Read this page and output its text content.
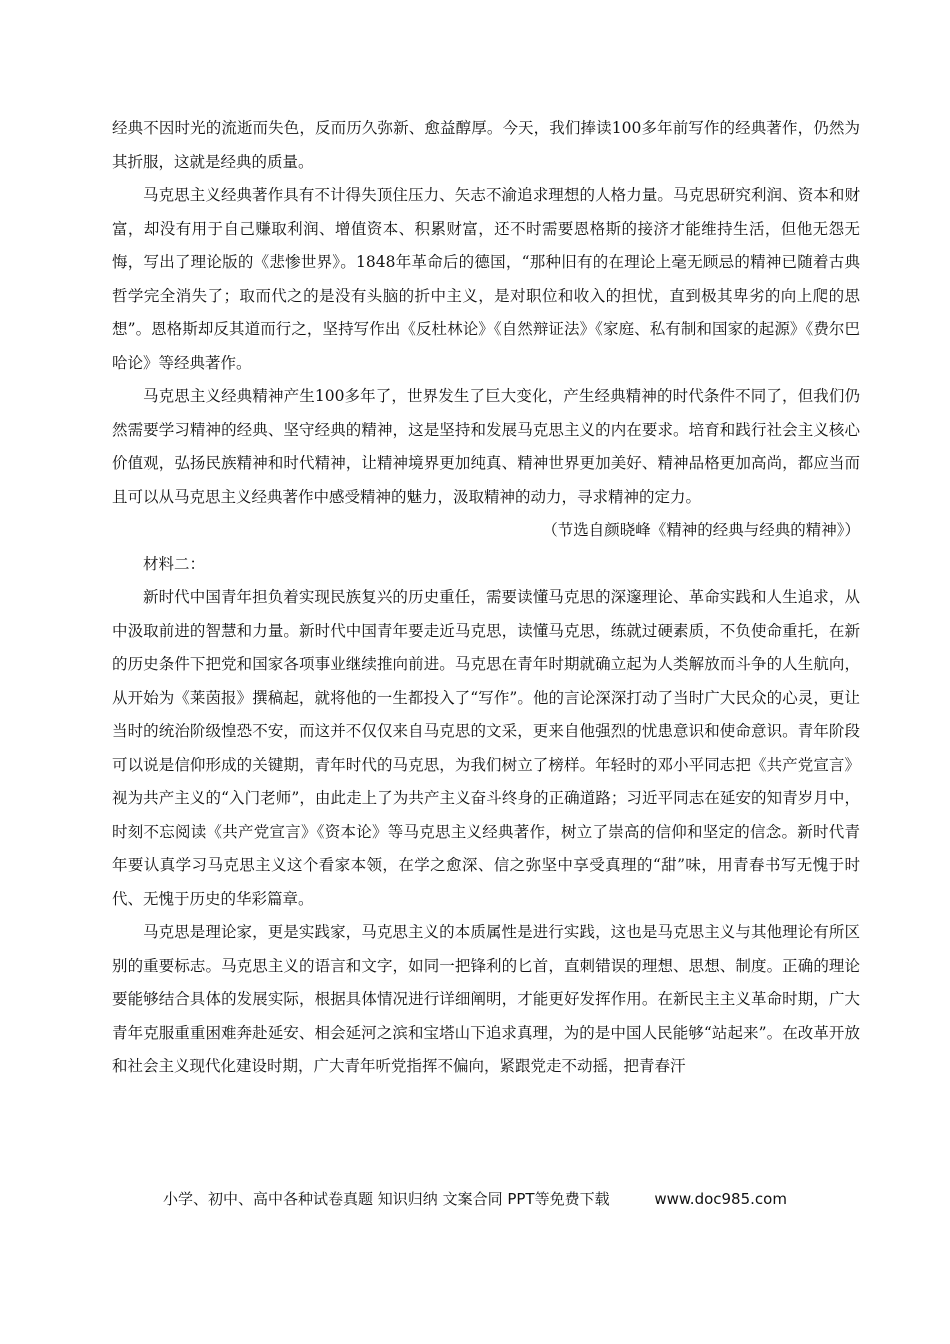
经典不因时光的流逝而失色，反而历久弥新、愈益醇厚。今天，我们捧读100多年前写作的经典著作，仍然为其折服，这就是经典的质量。

马克思主义经典著作具有不计得失顶住压力、矢志不渝追求理想的人格力量。马克思研究利润、资本和财富，却没有用于自己赚取利润、增值资本、积累财富，还不时需要恩格斯的接济才能维持生活，但他无怨无悔，写出了理论版的《悲惨世界》。1848年革命后的德国，“那种旧有的在理论上毫无顾忌的精神已随着古典哲学完全消失了；取而代之的是没有头脑的折中主义，是对职位和收入的担忧，直到极其卑劣的向上爬的思想”。恩格斯却反其道而行之，坚持写作出《反杜林论》《自然辩证法》《家庭、私有制和国家的起源》《费尔巴哈论》等经典著作。

马克思主义经典精神产生100多年了，世界发生了巨大变化，产生经典精神的时代条件不同了，但我们仍然需要学习精神的经典、坚守经典的精神，这是坚持和发展马克思主义的内在要求。培育和践行社会主义核心价值观，弘扬民族精神和时代精神，让精神境界更加纯真、精神世界更加美好、精神品格更加高尚，都应当而且可以从马克思主义经典著作中感受精神的魅力，汲取精神的动力，寻求精神的定力。

（节选自颜晓峰《精神的经典与经典的精神》）

材料二：

新时代中国青年担负着实现民族复兴的历史重任，需要读懂马克思的深邃理论、革命实践和人生追求，从中汲取前进的智慧和力量。新时代中国青年要走近马克思，读懂马克思，练就过硬素质，不负使命重托，在新的历史条件下把党和国家各项事业继续推向前进。马克思在青年时期就确立起为人类解放而斗争的人生航向，从开始为《莱茵报》撰稿起，就将他的一生都投入了“写作”。他的言论深深打动了当时广大民众的心灵，更让当时的统治阶级惶恐不安，而这并不仅仅来自马克思的文采，更来自他强烈的忧患意识和使命意识。青年阶段可以说是信仰形成的关键期，青年时代的马克思，为我们树立了榜样。年轻时的邓小平同志把《共产党宣言》视为共产主义的“入门老师”，由此走上了为共产主义奋斗终身的正确道路；习近平同志在延安的知青岁月中，时刻不忘阅读《共产党宣言》《资本论》等马克思主义经典著作，树立了崇高的信仰和坚定的信念。新时代青年要认真学习马克思主义这个看家本领，在学之愈深、信之弥坚中享受真理的“甜”味，用青春书写无愧于时代、无愧于历史的华彩篇章。

马克思是理论家，更是实践家，马克思主义的本质属性是进行实践，这也是马克思主义与其他理论有所区别的重要标志。马克思主义的语言和文字，如同一把锋利的匕首，直刺错误的理想、思想、制度。正确的理论要能够结合具体的发展实际，根据具体情况进行详细阐明，才能更好发挥作用。在新民主主义革命时期，广大青年克服重重困难奔赴延安、相会延河之滨和宝塔山下追求真理，为的是中国人民能够“站起来”。在改革开放和社会主义现代化建设时期，广大青年听党指挥不偏向，紧跟党走不动摇，把青春汗

小学、初中、高中各种试卷真题 知识归纳 文案合同 PPT等免费下载	www.doc985.com
